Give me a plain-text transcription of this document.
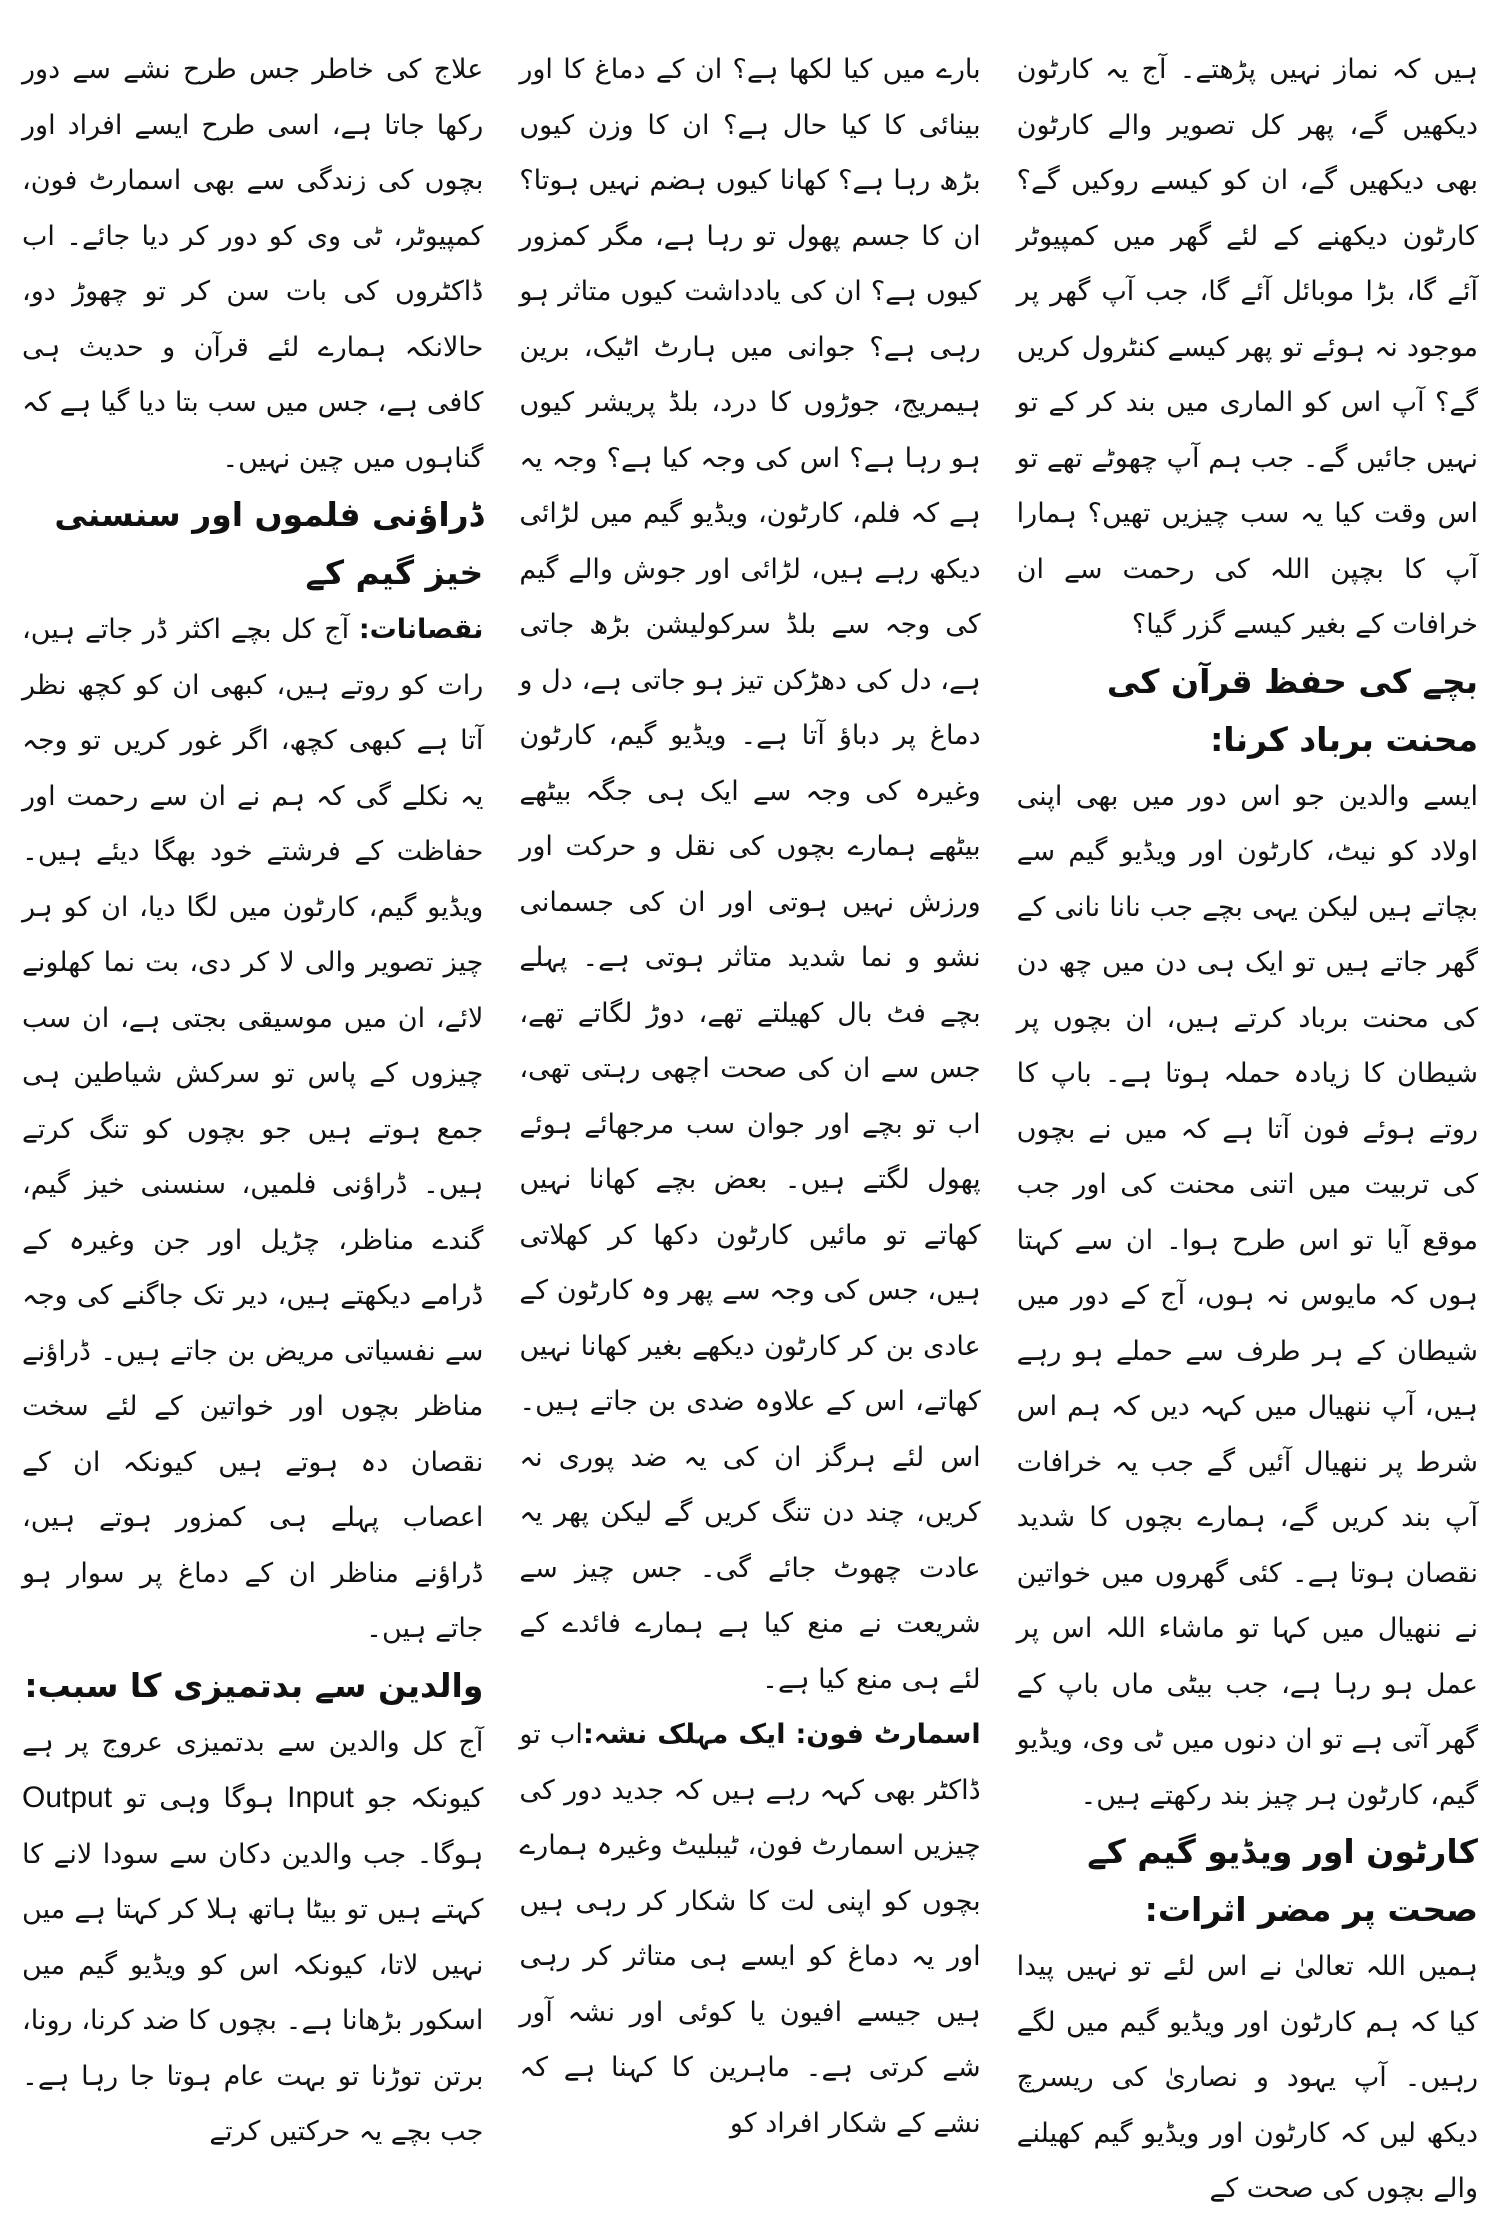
ہیں کہ نماز نہیں پڑھتے۔ آج یہ کارٹون دیکھیں گے، پھر کل تصویر والے کارٹون بھی دیکھیں گے، ان کو کیسے روکیں گے؟ کارٹون دیکھنے کے لئے گھر میں کمپیوٹر آئے گا، بڑا موبائل آئے گا، جب آپ گھر پر موجود نہ ہوئے تو پھر کیسے کنٹرول کریں گے؟ آپ اس کو الماری میں بند کر کے تو نہیں جائیں گے۔ جب ہم آپ چھوٹے تھے تو اس وقت کیا یہ سب چیزیں تھیں؟ ہمارا آپ کا بچپن اللہ کی رحمت سے ان خرافات کے بغیر کیسے گزر گیا؟

بچے کی حفظ قرآن کی محنت برباد کرنا:

ایسے والدین جو اس دور میں بھی اپنی اولاد کو نیٹ، کارٹون اور ویڈیو گیم سے بچاتے ہیں لیکن یہی بچے جب نانا نانی کے گھر جاتے ہیں تو ایک ہی دن میں چھ دن کی محنت برباد کرتے ہیں، ان بچوں پر شیطان کا زیادہ حملہ ہوتا ہے۔ باپ کا روتے ہوئے فون آتا ہے کہ میں نے بچوں کی تربیت میں اتنی محنت کی اور جب موقع آیا تو اس طرح ہوا۔ ان سے کہتا ہوں کہ مایوس نہ ہوں، آج کے دور میں شیطان کے ہر طرف سے حملے ہو رہے ہیں، آپ ننھیال میں کہہ دیں کہ ہم اس شرط پر ننھیال آئیں گے جب یہ خرافات آپ بند کریں گے، ہمارے بچوں کا شدید نقصان ہوتا ہے۔ کئی گھروں میں خواتین نے ننھیال میں کہا تو ماشاء اللہ اس پر عمل ہو رہا ہے، جب بیٹی ماں باپ کے گھر آتی ہے تو ان دنوں میں ٹی وی، ویڈیو گیم، کارٹون ہر چیز بند رکھتے ہیں۔

کارٹون اور ویڈیو گیم کے صحت پر مضر اثرات:

ہمیں اللہ تعالیٰ نے اس لئے تو نہیں پیدا کیا کہ ہم کارٹون اور ویڈیو گیم میں لگے رہیں۔ آپ یہود و نصاریٰ کی ریسرچ دیکھ لیں کہ کارٹون اور ویڈیو گیم کھیلنے والے بچوں کی صحت کے

بارے میں کیا لکھا ہے؟ ان کے دماغ کا اور بینائی کا کیا حال ہے؟ ان کا وزن کیوں بڑھ رہا ہے؟ کھانا کیوں ہضم نہیں ہوتا؟ ان کا جسم پھول تو رہا ہے، مگر کمزور کیوں ہے؟ ان کی یادداشت کیوں متاثر ہو رہی ہے؟ جوانی میں ہارٹ اٹیک، برین ہیمریج، جوڑوں کا درد، بلڈ پریشر کیوں ہو رہا ہے؟ اس کی وجہ کیا ہے؟ وجہ یہ ہے کہ فلم، کارٹون، ویڈیو گیم میں لڑائی دیکھ رہے ہیں، لڑائی اور جوش والے گیم کی وجہ سے بلڈ سرکولیشن بڑھ جاتی ہے، دل کی دھڑکن تیز ہو جاتی ہے، دل و دماغ پر دباؤ آتا ہے۔ ویڈیو گیم، کارٹون وغیرہ کی وجہ سے ایک ہی جگہ بیٹھے بیٹھے ہمارے بچوں کی نقل و حرکت اور ورزش نہیں ہوتی اور ان کی جسمانی نشو و نما شدید متاثر ہوتی ہے۔ پہلے بچے فٹ بال کھیلتے تھے، دوڑ لگاتے تھے، جس سے ان کی صحت اچھی رہتی تھی، اب تو بچے اور جوان سب مرجھائے ہوئے پھول لگتے ہیں۔ بعض بچے کھانا نہیں کھاتے تو مائیں کارٹون دکھا کر کھلاتی ہیں، جس کی وجہ سے پھر وہ کارٹون کے عادی بن کر کارٹون دیکھے بغیر کھانا نہیں کھاتے، اس کے علاوہ ضدی بن جاتے ہیں۔ اس لئے ہرگز ان کی یہ ضد پوری نہ کریں، چند دن تنگ کریں گے لیکن پھر یہ عادت چھوٹ جائے گی۔ جس چیز سے شریعت نے منع کیا ہے ہمارے فائدے کے لئے ہی منع کیا ہے۔

اسمارٹ فون: ایک مہلک نشہ:اب تو ڈاکٹر بھی کہہ رہے ہیں کہ جدید دور کی چیزیں اسمارٹ فون، ٹیبلیٹ وغیرہ ہمارے بچوں کو اپنی لت کا شکار کر رہی ہیں اور یہ دماغ کو ایسے ہی متاثر کر رہی ہیں جیسے افیون یا کوئی اور نشہ آور شے کرتی ہے۔ ماہرین کا کہنا ہے کہ نشے کے شکار افراد کو

علاج کی خاطر جس طرح نشے سے دور رکھا جاتا ہے، اسی طرح ایسے افراد اور بچوں کی زندگی سے بھی اسمارٹ فون، کمپیوٹر، ٹی وی کو دور کر دیا جائے۔ اب ڈاکٹروں کی بات سن کر تو چھوڑ دو، حالانکہ ہمارے لئے قرآن و حدیث ہی کافی ہے، جس میں سب بتا دیا گیا ہے کہ گناہوں میں چین نہیں۔

ڈراؤنی فلموں اور سنسنی خیز گیم کے

نقصانات: آج کل بچے اکثر ڈر جاتے ہیں، رات کو روتے ہیں، کبھی ان کو کچھ نظر آتا ہے کبھی کچھ، اگر غور کریں تو وجہ یہ نکلے گی کہ ہم نے ان سے رحمت اور حفاظت کے فرشتے خود بھگا دیئے ہیں۔ ویڈیو گیم، کارٹون میں لگا دیا، ان کو ہر چیز تصویر والی لا کر دی، بت نما کھلونے لائے، ان میں موسیقی بجتی ہے، ان سب چیزوں کے پاس تو سرکش شیاطین ہی جمع ہوتے ہیں جو بچوں کو تنگ کرتے ہیں۔ ڈراؤنی فلمیں، سنسنی خیز گیم، گندے مناظر، چڑیل اور جن وغیرہ کے ڈرامے دیکھتے ہیں، دیر تک جاگنے کی وجہ سے نفسیاتی مریض بن جاتے ہیں۔ ڈراؤنے مناظر بچوں اور خواتین کے لئے سخت نقصان دہ ہوتے ہیں کیونکہ ان کے اعصاب پہلے ہی کمزور ہوتے ہیں، ڈراؤنے مناظر ان کے دماغ پر سوار ہو جاتے ہیں۔

والدین سے بدتمیزی کا سبب:

آج کل والدین سے بدتمیزی عروج پر ہے کیونکہ جو Input ہوگا وہی تو Output ہوگا۔ جب والدین دکان سے سودا لانے کا کہتے ہیں تو بیٹا ہاتھ ہلا کر کہتا ہے میں نہیں لاتا، کیونکہ اس کو ویڈیو گیم میں اسکور بڑھانا ہے۔ بچوں کا ضد کرنا، رونا، برتن توڑنا تو بہت عام ہوتا جا رہا ہے۔ جب بچے یہ حرکتیں کرتے
